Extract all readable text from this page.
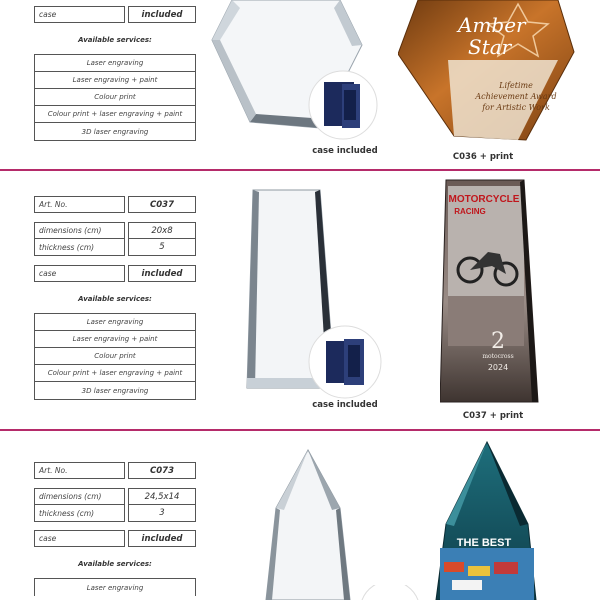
case	included
Available services:
Laser engraving
Laser engraving + paint
Colour print
Colour print + laser engraving + paint
3D laser engraving
case included
Amber
Star
Lifetime
Achievement Award
for Artistic Work
C036 + print
Art. No.	C037
dimensions (cm)	20x8
thickness (cm)	5
case	included
Available services:
Laser engraving
Laser engraving + paint
Colour print
Colour print + laser engraving + paint
3D laser engraving
case included
MOTORCYCLE
RACING
2
motocross
2024
C037 + print
Art. No.	C073
dimensions (cm)	24,5x14
thickness (cm)	3
case	included
Available services:
Laser engraving
THE BEST
